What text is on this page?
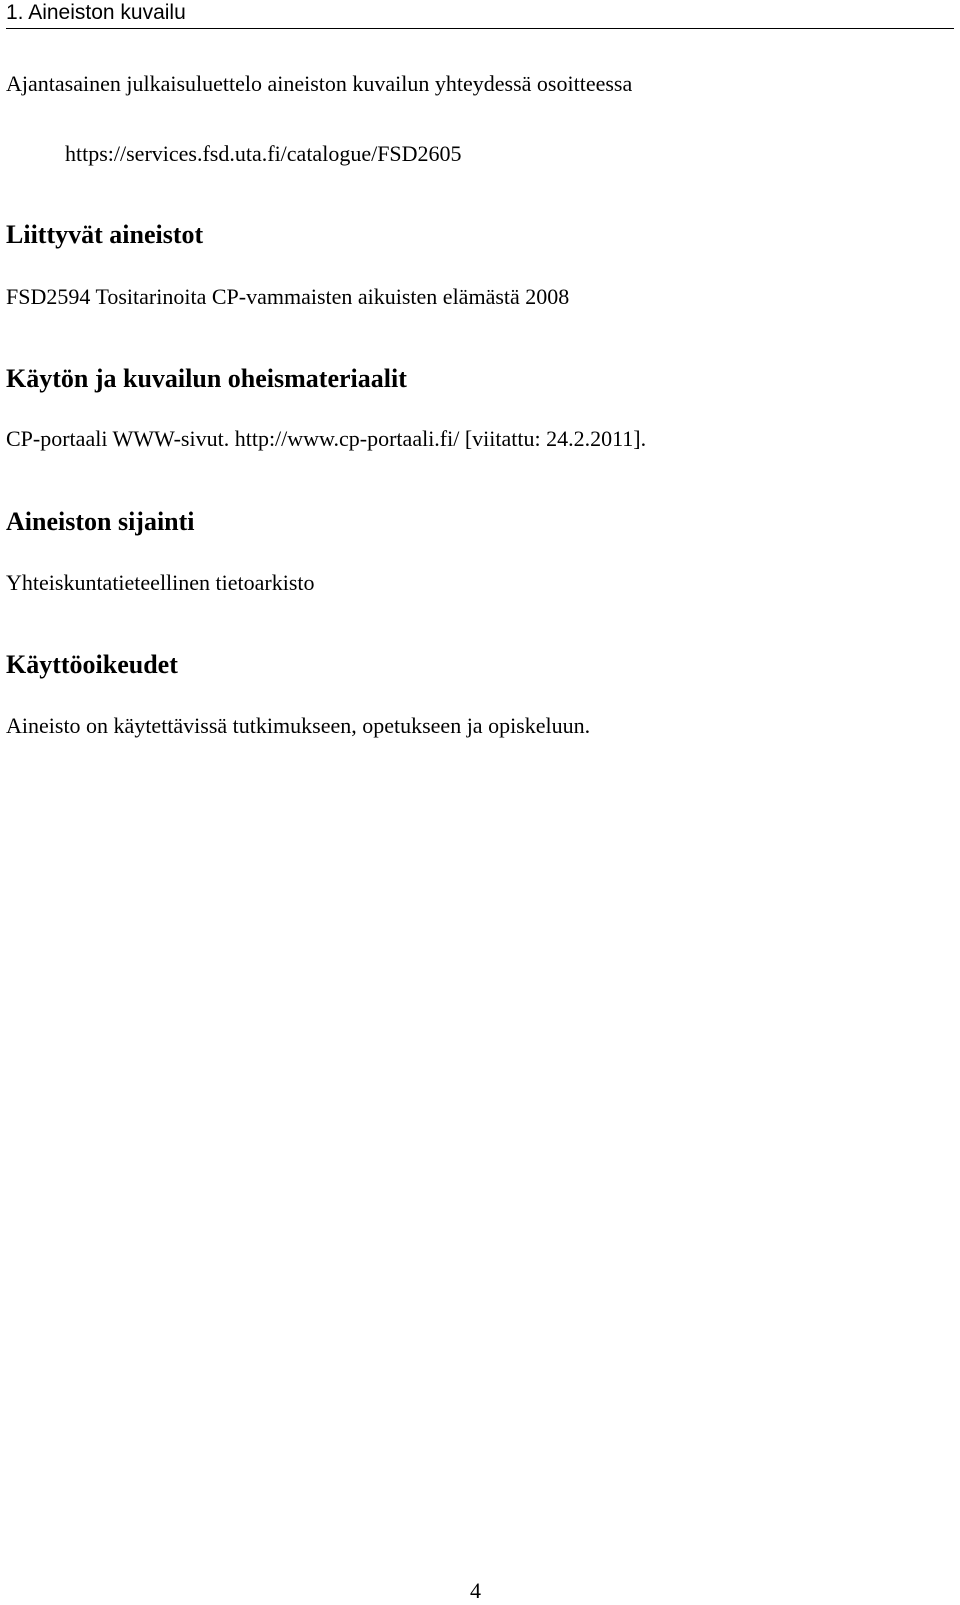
1. Aineiston kuvailu
Ajantasainen julkaisuluettelo aineiston kuvailun yhteydessä osoitteessa
https://services.fsd.uta.fi/catalogue/FSD2605
Liittyvät aineistot
FSD2594 Tositarinoita CP-vammaisten aikuisten elämästä 2008
Käytön ja kuvailun oheismateriaalit
CP-portaali WWW-sivut. http://www.cp-portaali.fi/ [viitattu: 24.2.2011].
Aineiston sijainti
Yhteiskuntatieteellinen tietoarkisto
Käyttöoikeudet
Aineisto on käytettävissä tutkimukseen, opetukseen ja opiskeluun.
4
